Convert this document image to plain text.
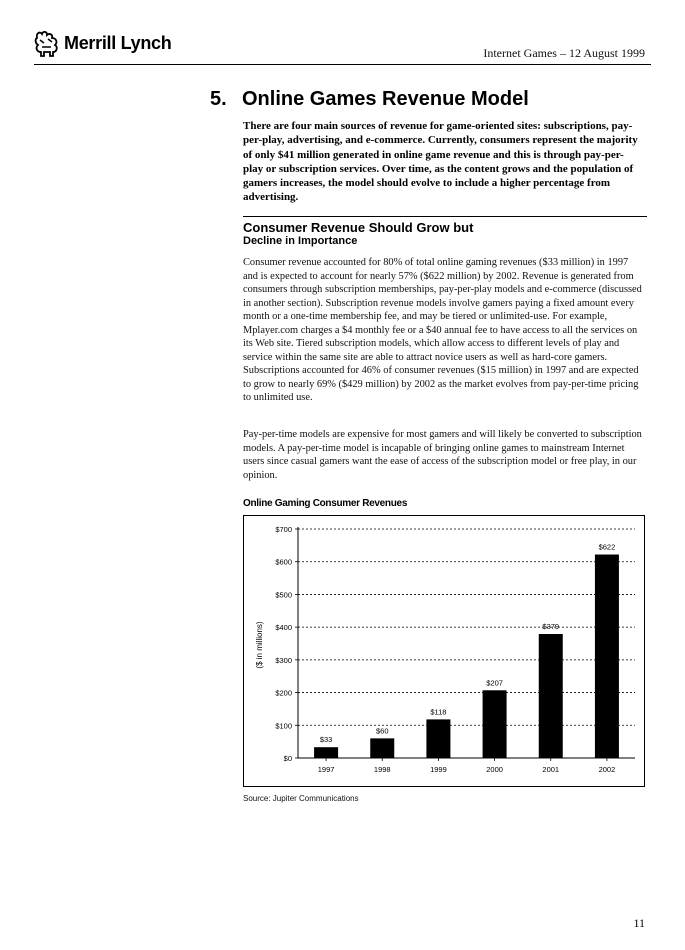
Merrill Lynch
Internet Games – 12 August 1999
5. Online Games Revenue Model
There are four main sources of revenue for game-oriented sites: subscriptions, pay-per-play, advertising, and e-commerce. Currently, consumers represent the majority of only $41 million generated in online game revenue and this is through pay-per-play or subscription services. Over time, as the content grows and the population of gamers increases, the model should evolve to include a higher percentage from advertising.
Consumer Revenue Should Grow but
Decline in Importance
Consumer revenue accounted for 80% of total online gaming revenues ($33 million) in 1997 and is expected to account for nearly 57% ($622 million) by 2002. Revenue is generated from consumers through subscription memberships, pay-per-play models and e-commerce (discussed in another section). Subscription revenue models involve gamers paying a fixed amount every month or a one-time membership fee, and may be tiered or unlimited-use. For example, Mplayer.com charges a $4 monthly fee or a $40 annual fee to have access to all the services on its Web site. Tiered subscription models, which allow access to different levels of play and service within the same site are able to attract novice users as well as hard-core gamers. Subscriptions accounted for 46% of consumer revenues ($15 million) in 1997 and are expected to grow to nearly 69% ($429 million) by 2002 as the market evolves from pay-per-time pricing to unlimited use.
Pay-per-time models are expensive for most gamers and will likely be converted to subscription models. A pay-per-time model is incapable of bringing online games to mainstream Internet users since casual gamers want the ease of access of the subscription model or free play, in our opinion.
Online Gaming Consumer Revenues
($ in millions)
$0
$100
$200
$300
$400
$500
$600
$700
$33
1997
$60
1998
$118
1999
$207
2000
$379
2001
$622
2002
Source: Jupiter Communications
11
